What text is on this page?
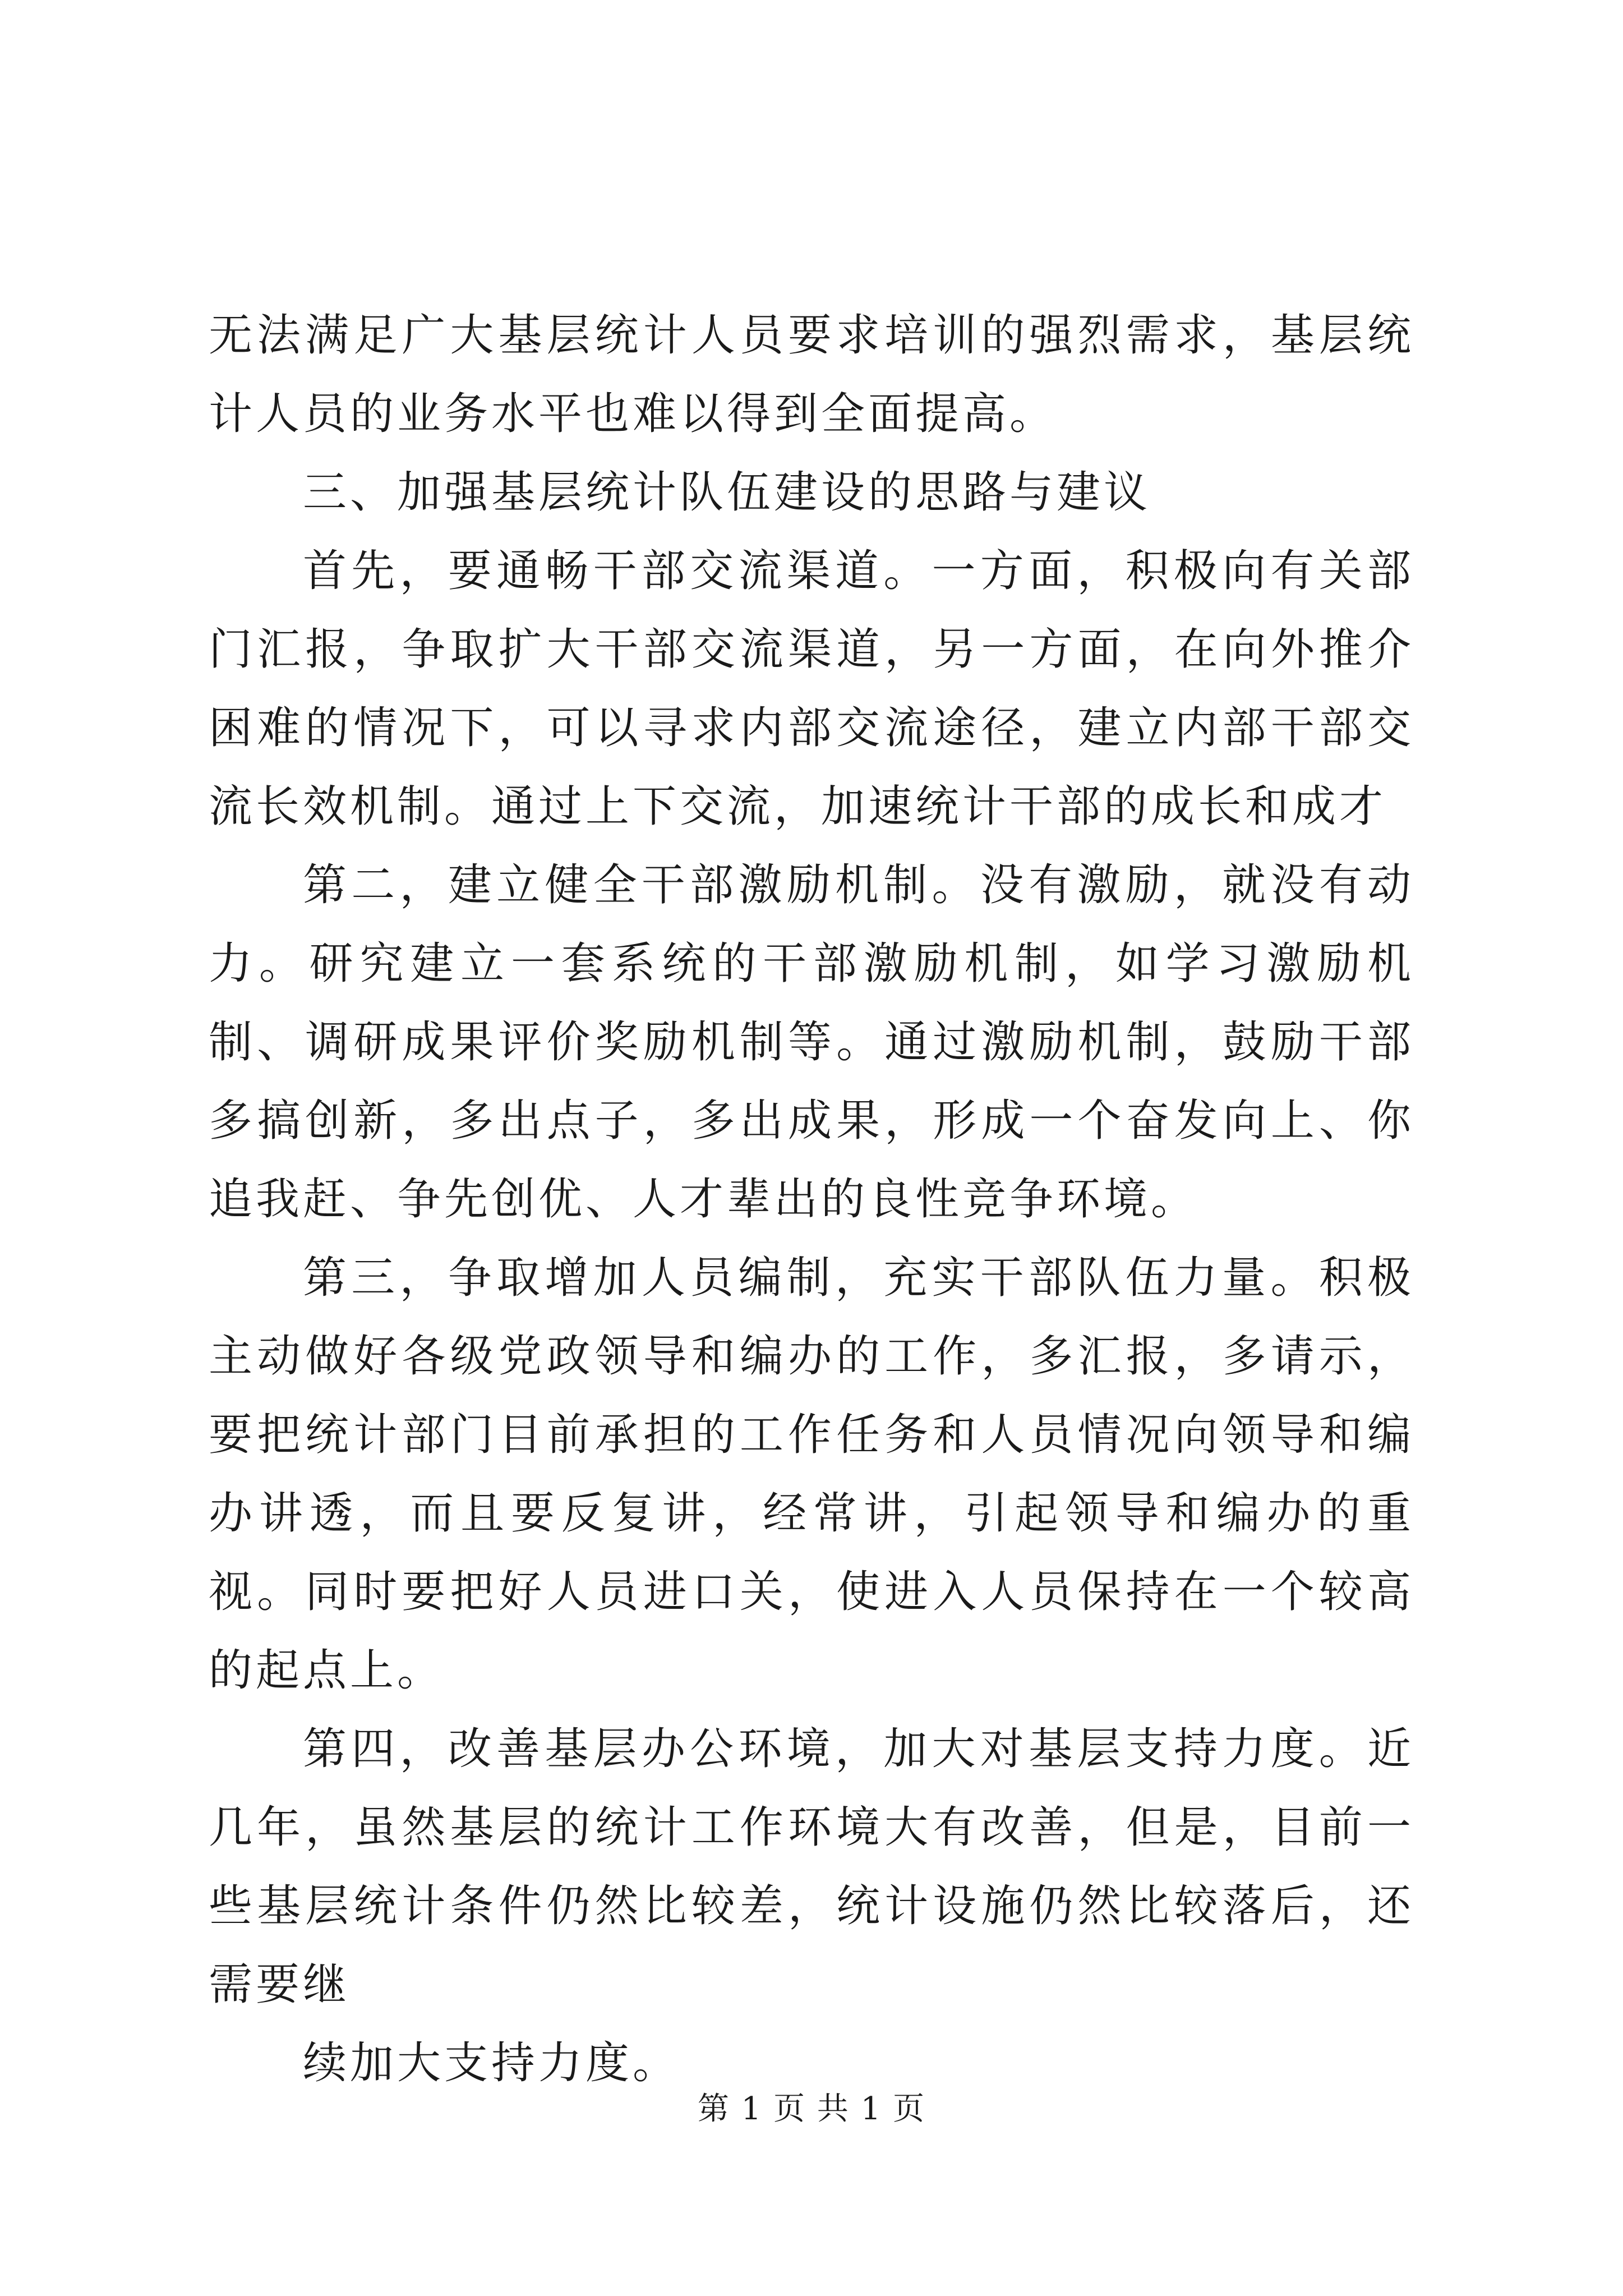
无法满足广大基层统计人员要求培训的强烈需求，基层统计人员的业务水平也难以得到全面提高。

三、加强基层统计队伍建设的思路与建议

首先，要通畅干部交流渠道。一方面，积极向有关部门汇报，争取扩大干部交流渠道，另一方面，在向外推介困难的情况下，可以寻求内部交流途径，建立内部干部交流长效机制。通过上下交流，加速统计干部的成长和成才

第二，建立健全干部激励机制。没有激励，就没有动力。研究建立一套系统的干部激励机制，如学习激励机制、调研成果评价奖励机制等。通过激励机制，鼓励干部多搞创新，多出点子，多出成果，形成一个奋发向上、你追我赶、争先创优、人才辈出的良性竞争环境。

第三，争取增加人员编制，充实干部队伍力量。积极主动做好各级党政领导和编办的工作，多汇报，多请示，要把统计部门目前承担的工作任务和人员情况向领导和编办讲透，而且要反复讲，经常讲，引起领导和编办的重视。同时要把好人员进口关，使进入人员保持在一个较高的起点上。

第四，改善基层办公环境，加大对基层支持力度。近几年，虽然基层的统计工作环境大有改善，但是，目前一些基层统计条件仍然比较差，统计设施仍然比较落后，还需要继

续加大支持力度。

第 1 页 共 1 页
